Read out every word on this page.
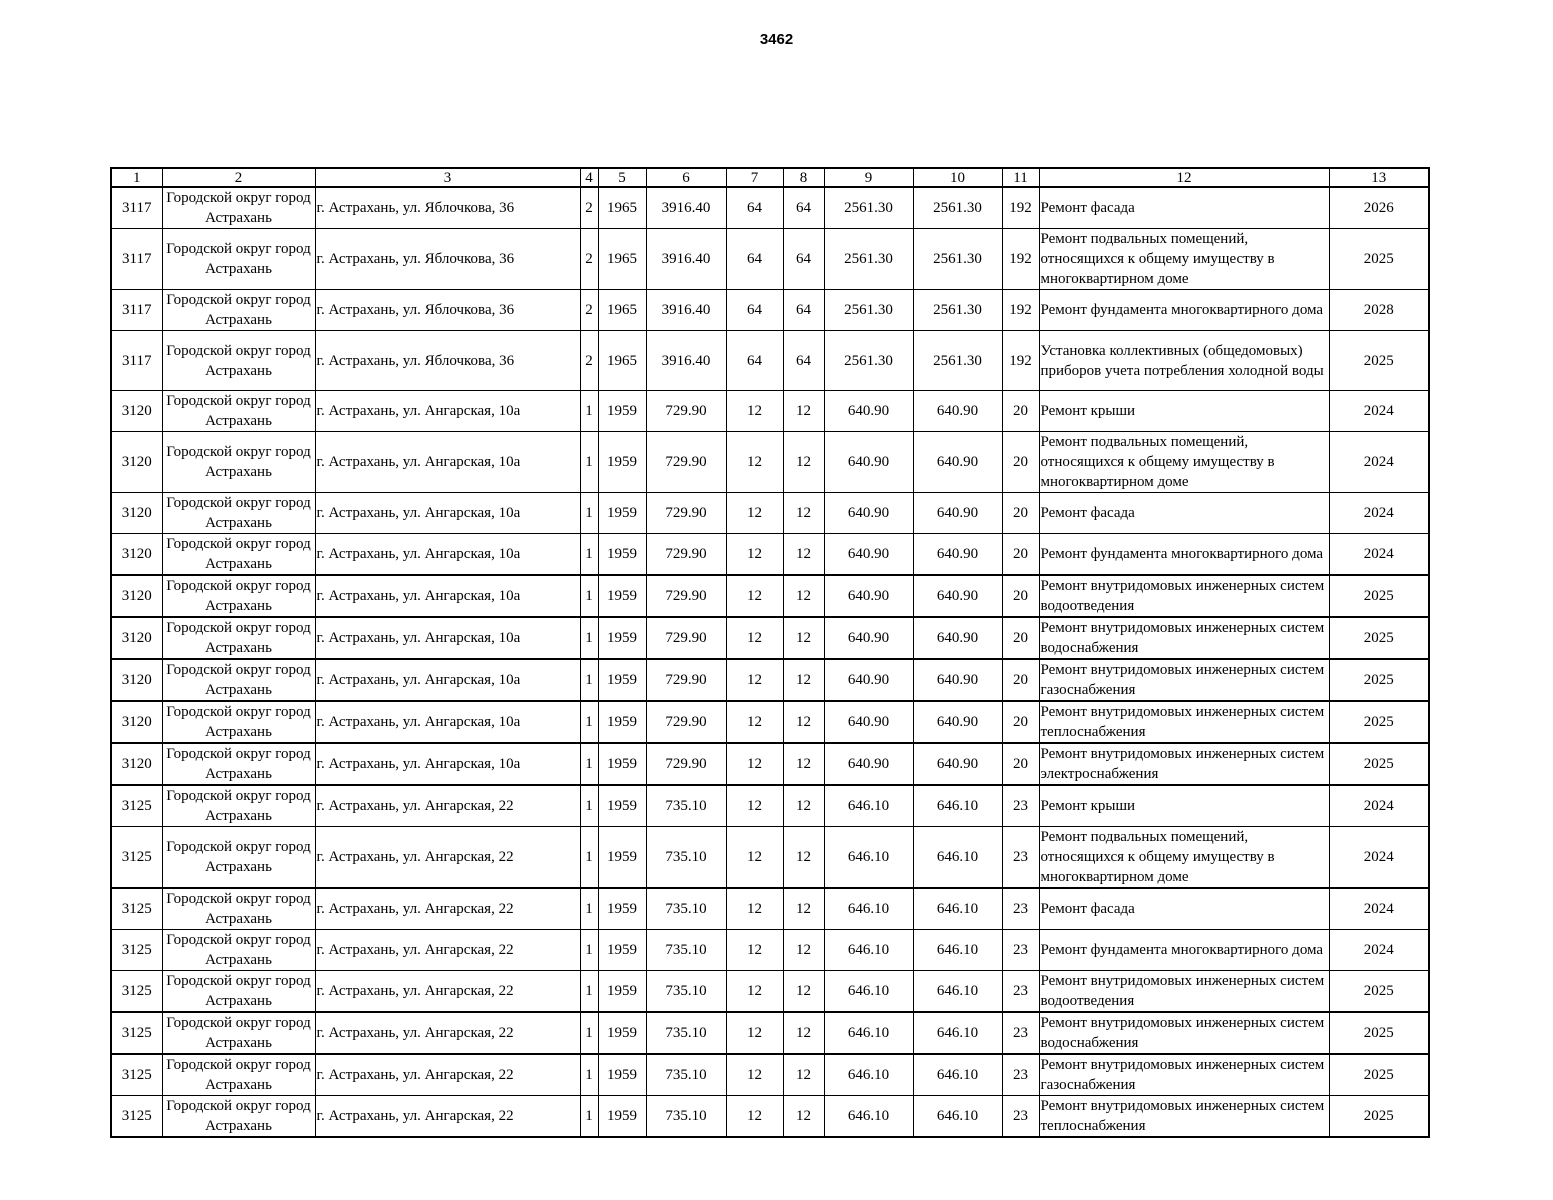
3462
1	2	3	4	5	6	7	8	9	10	11	12	13
3117	Городской округ город Астрахань	г. Астрахань, ул. Яблочкова, 36	2	1965	3916.40	64	64	2561.30	2561.30	192	Ремонт фасада	2026
3117	Городской округ город Астрахань	г. Астрахань, ул. Яблочкова, 36	2	1965	3916.40	64	64	2561.30	2561.30	192	Ремонт подвальных помещений, относящихся к общему имуществу в многоквартирном доме	2025
3117	Городской округ город Астрахань	г. Астрахань, ул. Яблочкова, 36	2	1965	3916.40	64	64	2561.30	2561.30	192	Ремонт фундамента многоквартирного дома	2028
3117	Городской округ город Астрахань	г. Астрахань, ул. Яблочкова, 36	2	1965	3916.40	64	64	2561.30	2561.30	192	Установка коллективных (общедомовых) приборов учета потребления холодной воды	2025
3120	Городской округ город Астрахань	г. Астрахань, ул. Ангарская, 10а	1	1959	729.90	12	12	640.90	640.90	20	Ремонт крыши	2024
3120	Городской округ город Астрахань	г. Астрахань, ул. Ангарская, 10а	1	1959	729.90	12	12	640.90	640.90	20	Ремонт подвальных помещений, относящихся к общему имуществу в многоквартирном доме	2024
3120	Городской округ город Астрахань	г. Астрахань, ул. Ангарская, 10а	1	1959	729.90	12	12	640.90	640.90	20	Ремонт фасада	2024
3120	Городской округ город Астрахань	г. Астрахань, ул. Ангарская, 10а	1	1959	729.90	12	12	640.90	640.90	20	Ремонт фундамента многоквартирного дома	2024
3120	Городской округ город Астрахань	г. Астрахань, ул. Ангарская, 10а	1	1959	729.90	12	12	640.90	640.90	20	Ремонт внутридомовых инженерных систем водоотведения	2025
3120	Городской округ город Астрахань	г. Астрахань, ул. Ангарская, 10а	1	1959	729.90	12	12	640.90	640.90	20	Ремонт внутридомовых инженерных систем водоснабжения	2025
3120	Городской округ город Астрахань	г. Астрахань, ул. Ангарская, 10а	1	1959	729.90	12	12	640.90	640.90	20	Ремонт внутридомовых инженерных систем газоснабжения	2025
3120	Городской округ город Астрахань	г. Астрахань, ул. Ангарская, 10а	1	1959	729.90	12	12	640.90	640.90	20	Ремонт внутридомовых инженерных систем теплоснабжения	2025
3120	Городской округ город Астрахань	г. Астрахань, ул. Ангарская, 10а	1	1959	729.90	12	12	640.90	640.90	20	Ремонт внутридомовых инженерных систем электроснабжения	2025
3125	Городской округ город Астрахань	г. Астрахань, ул. Ангарская, 22	1	1959	735.10	12	12	646.10	646.10	23	Ремонт крыши	2024
3125	Городской округ город Астрахань	г. Астрахань, ул. Ангарская, 22	1	1959	735.10	12	12	646.10	646.10	23	Ремонт подвальных помещений, относящихся к общему имуществу в многоквартирном доме	2024
3125	Городской округ город Астрахань	г. Астрахань, ул. Ангарская, 22	1	1959	735.10	12	12	646.10	646.10	23	Ремонт фасада	2024
3125	Городской округ город Астрахань	г. Астрахань, ул. Ангарская, 22	1	1959	735.10	12	12	646.10	646.10	23	Ремонт фундамента многоквартирного дома	2024
3125	Городской округ город Астрахань	г. Астрахань, ул. Ангарская, 22	1	1959	735.10	12	12	646.10	646.10	23	Ремонт внутридомовых инженерных систем водоотведения	2025
3125	Городской округ город Астрахань	г. Астрахань, ул. Ангарская, 22	1	1959	735.10	12	12	646.10	646.10	23	Ремонт внутридомовых инженерных систем водоснабжения	2025
3125	Городской округ город Астрахань	г. Астрахань, ул. Ангарская, 22	1	1959	735.10	12	12	646.10	646.10	23	Ремонт внутридомовых инженерных систем газоснабжения	2025
3125	Городской округ город Астрахань	г. Астрахань, ул. Ангарская, 22	1	1959	735.10	12	12	646.10	646.10	23	Ремонт внутридомовых инженерных систем теплоснабжения	2025
